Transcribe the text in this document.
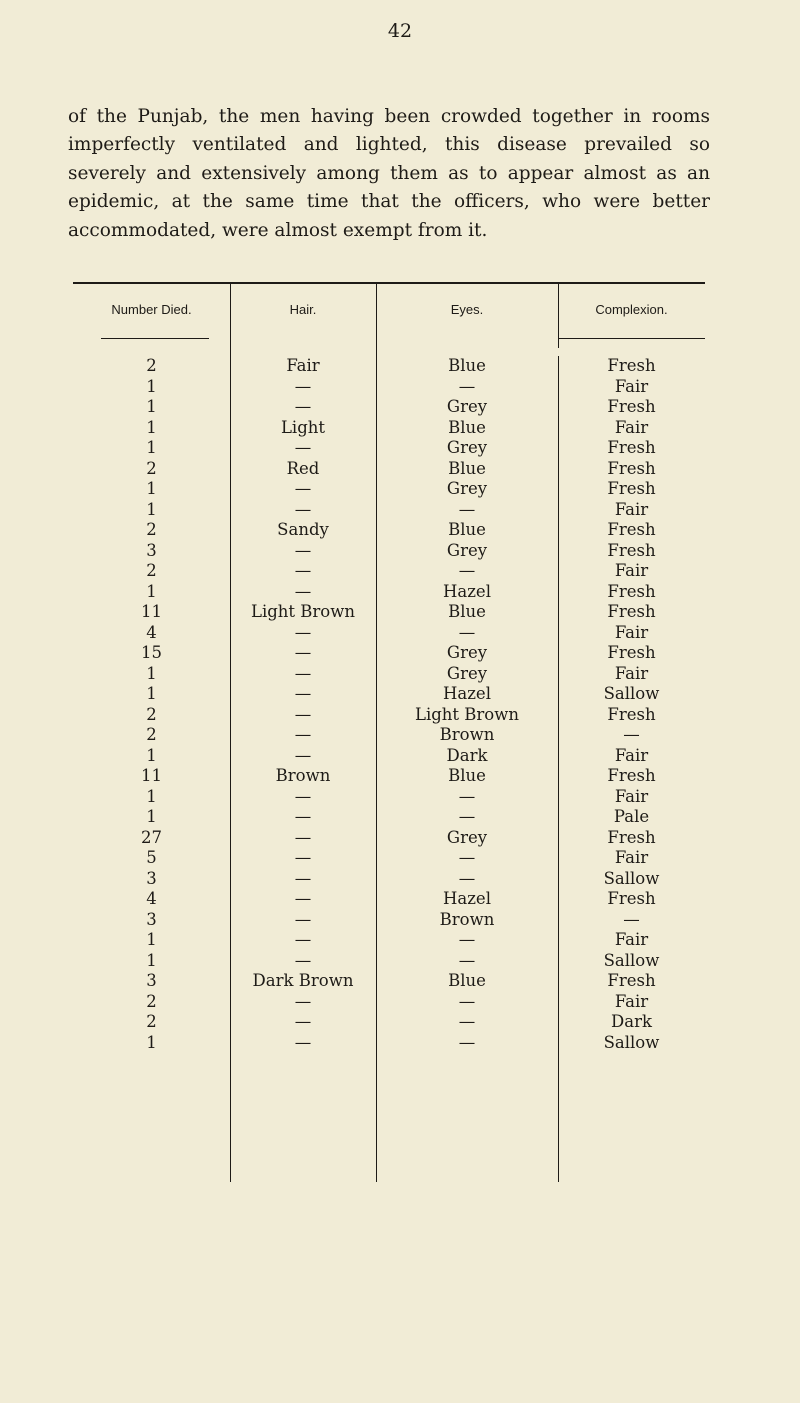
42

of the Punjab, the men having been crowded together in rooms imperfectly ventilated and lighted, this disease prevailed so severely and extensively among them as to appear almost as an epidemic, at the same time that the officers, who were better accommodated, were almost exempt from it.

Number Died.	Hair.	Eyes.	Complexion.
2	Fair	Blue	Fresh
1	—	—	Fair
1	—	Grey	Fresh
1	Light	Blue	Fair
1	—	Grey	Fresh
2	Red	Blue	Fresh
1	—	Grey	Fresh
1	—	—	Fair
2	Sandy	Blue	Fresh
3	—	Grey	Fresh
2	—	—	Fair
1	—	Hazel	Fresh
11	Light Brown	Blue	Fresh
4	—	—	Fair
15	—	Grey	Fresh
1	—	Grey	Fair
1	—	Hazel	Sallow
2	—	Light Brown	Fresh
2	—	Brown	—
1	—	Dark	Fair
11	Brown	Blue	Fresh
1	—	—	Fair
1	—	—	Pale
27	—	Grey	Fresh
5	—	—	Fair
3	—	—	Sallow
4	—	Hazel	Fresh
3	—	Brown	—
1	—	—	Fair
1	—	—	Sallow
3	Dark Brown	Blue	Fresh
2	—	—	Fair
2	—	—	Dark
1	—	—	Sallow
